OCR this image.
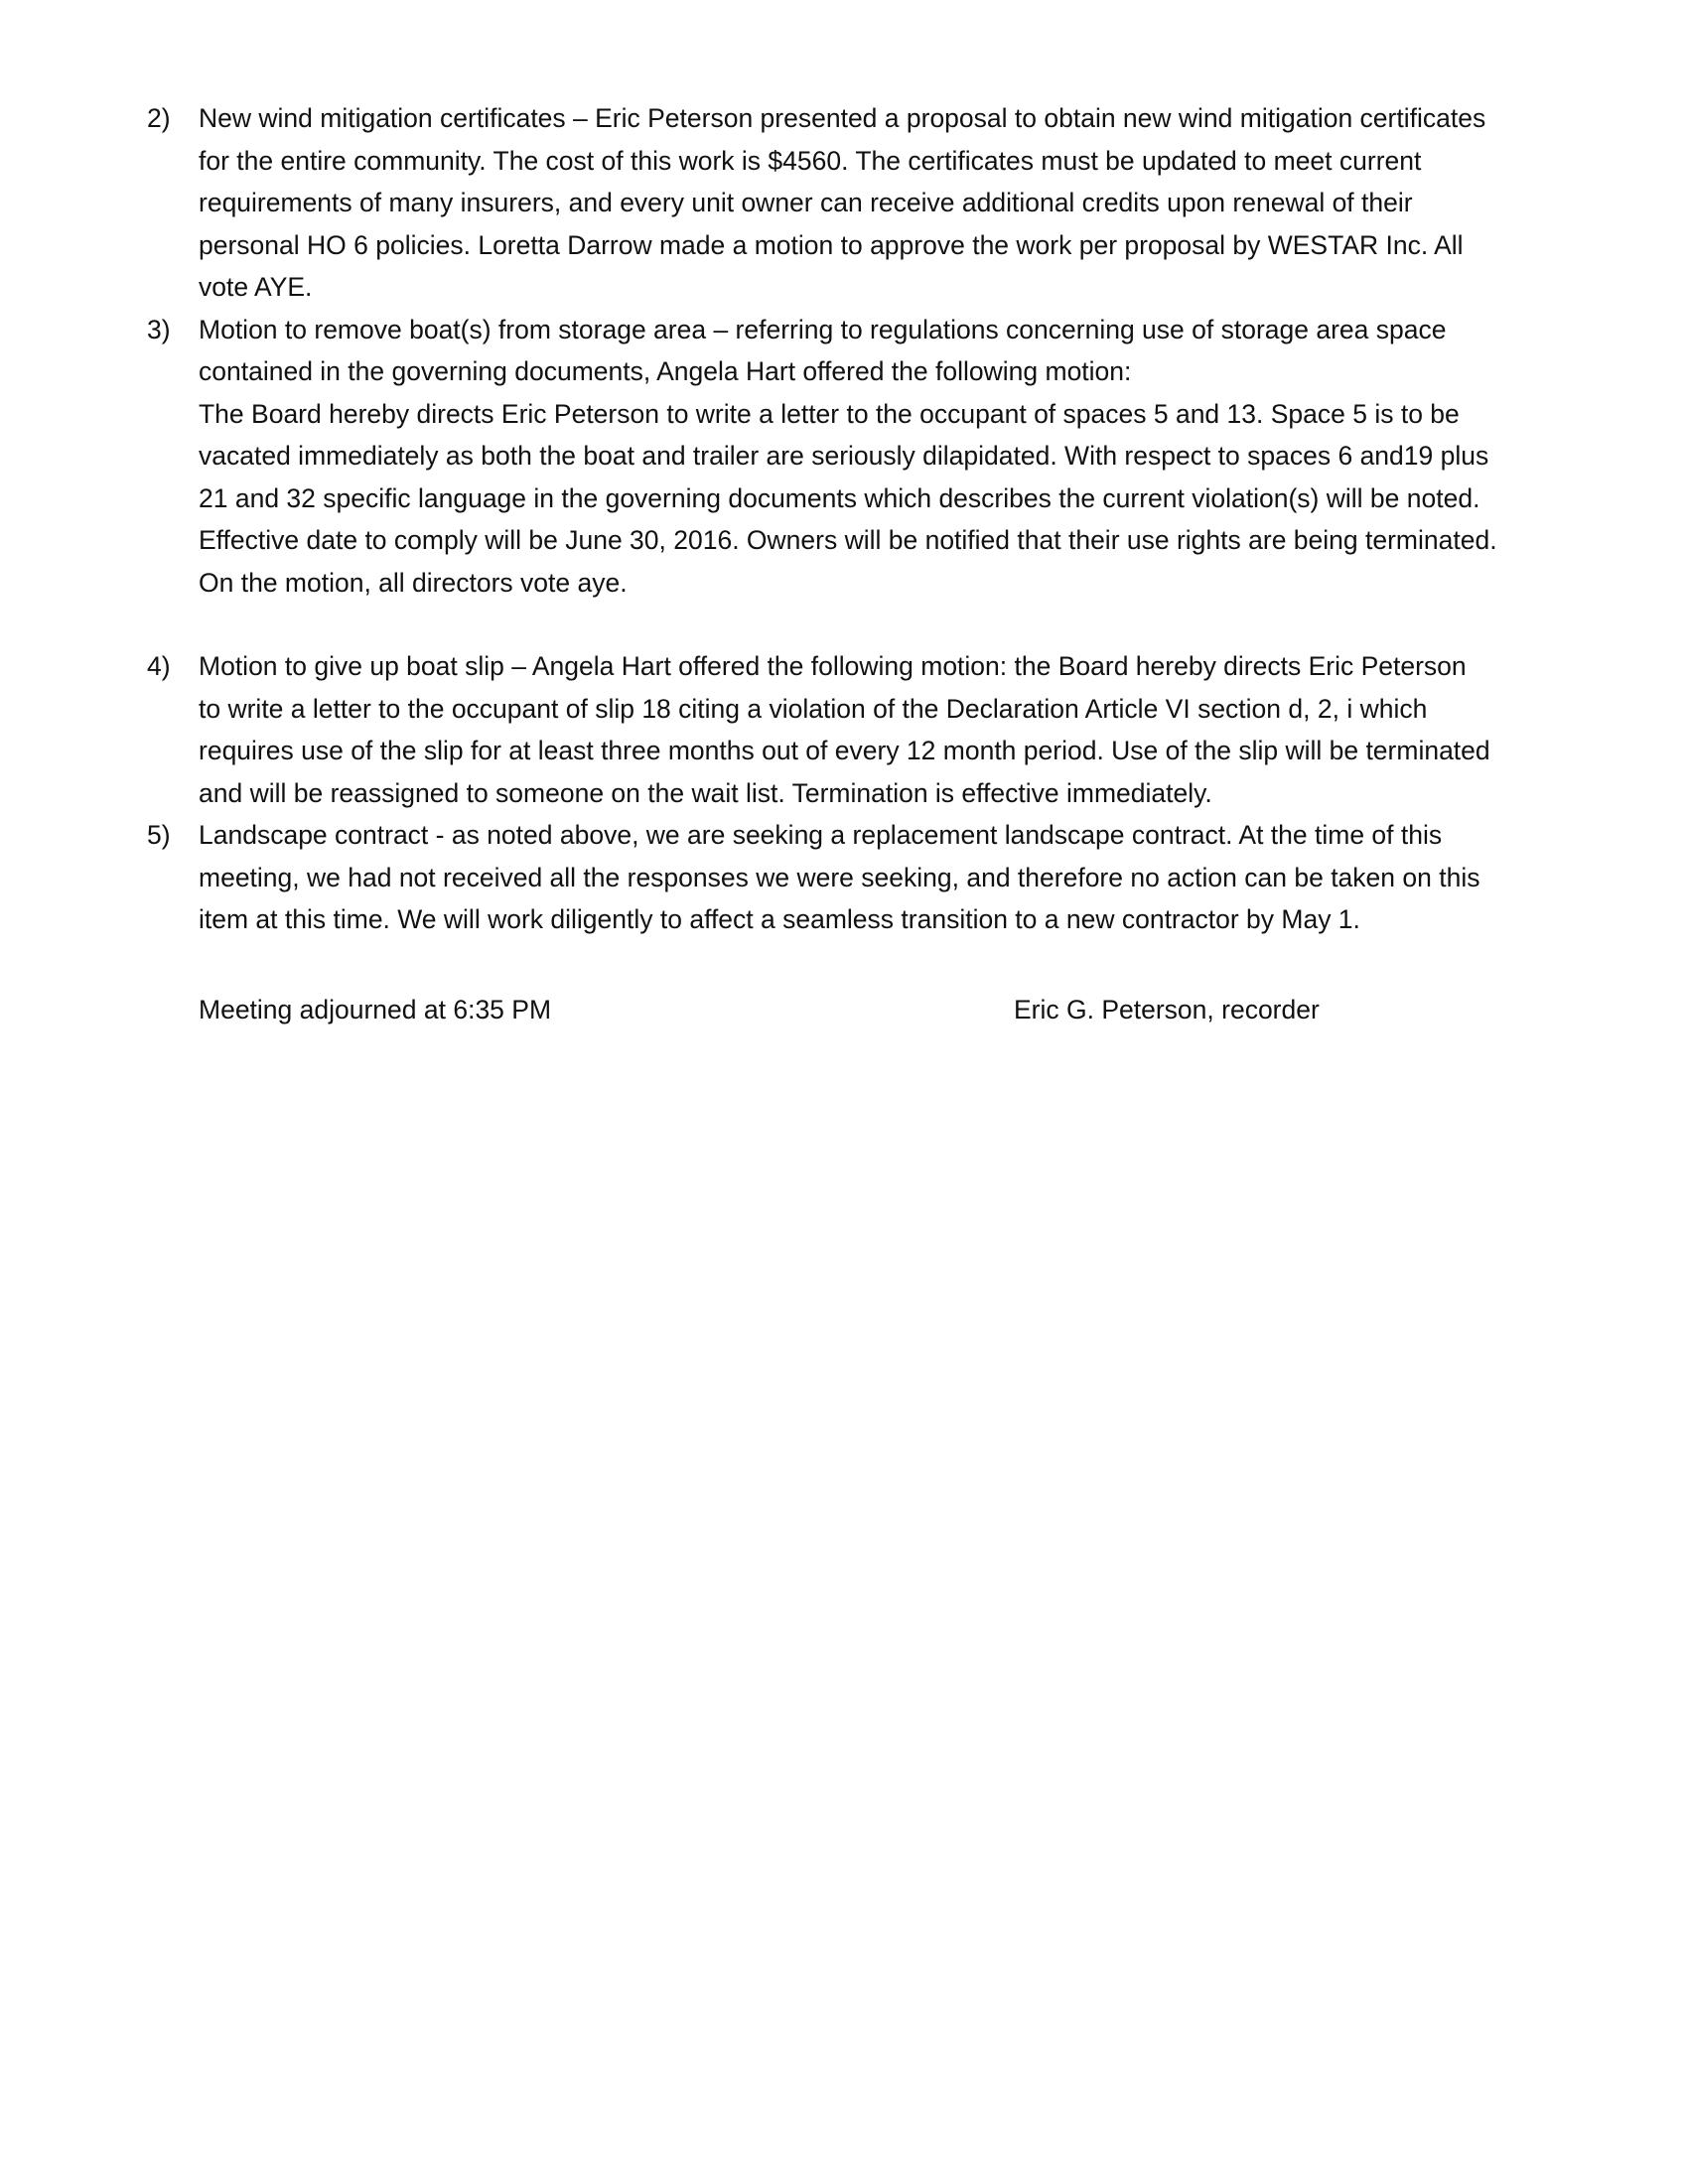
2)	New wind mitigation certificates – Eric Peterson presented a proposal to obtain new wind mitigation certificates
for the entire community. The cost of this work is $4560. The certificates must be updated to meet current
requirements of many insurers, and every unit owner can receive additional credits upon renewal of their
personal HO 6 policies. Loretta Darrow made a motion to approve the work per proposal by WESTAR Inc. All
vote AYE.
3)	Motion to remove boat(s) from storage area – referring to regulations concerning use of storage area space
contained in the governing documents, Angela Hart offered the following motion:
The Board hereby directs Eric Peterson to write a letter to the occupant of spaces 5 and 13. Space 5 is to be
vacated immediately as both the boat and trailer are seriously dilapidated. With respect to spaces 6 and19 plus
21 and 32 specific language in the governing documents which describes the current violation(s) will be noted.
Effective date to comply will be June 30, 2016. Owners will be notified that their use rights are being terminated.
On the motion, all directors vote aye.
4)	Motion to give up boat slip – Angela Hart offered the following motion: the Board hereby directs Eric Peterson
to write a letter to the occupant of slip 18 citing a violation of the Declaration Article VI section d, 2, i which
requires use of the slip for at least three months out of every 12 month period. Use of the slip will be terminated
and will be reassigned to someone on the wait list. Termination is effective immediately.
5)	Landscape contract - as noted above, we are seeking a replacement landscape contract. At the time of this
meeting, we had not received all the responses we were seeking, and therefore no action can be taken on this
item at this time. We will work diligently to affect a seamless transition to a new contractor by May 1.
Meeting adjourned at 6:35 PM	Eric G. Peterson, recorder
